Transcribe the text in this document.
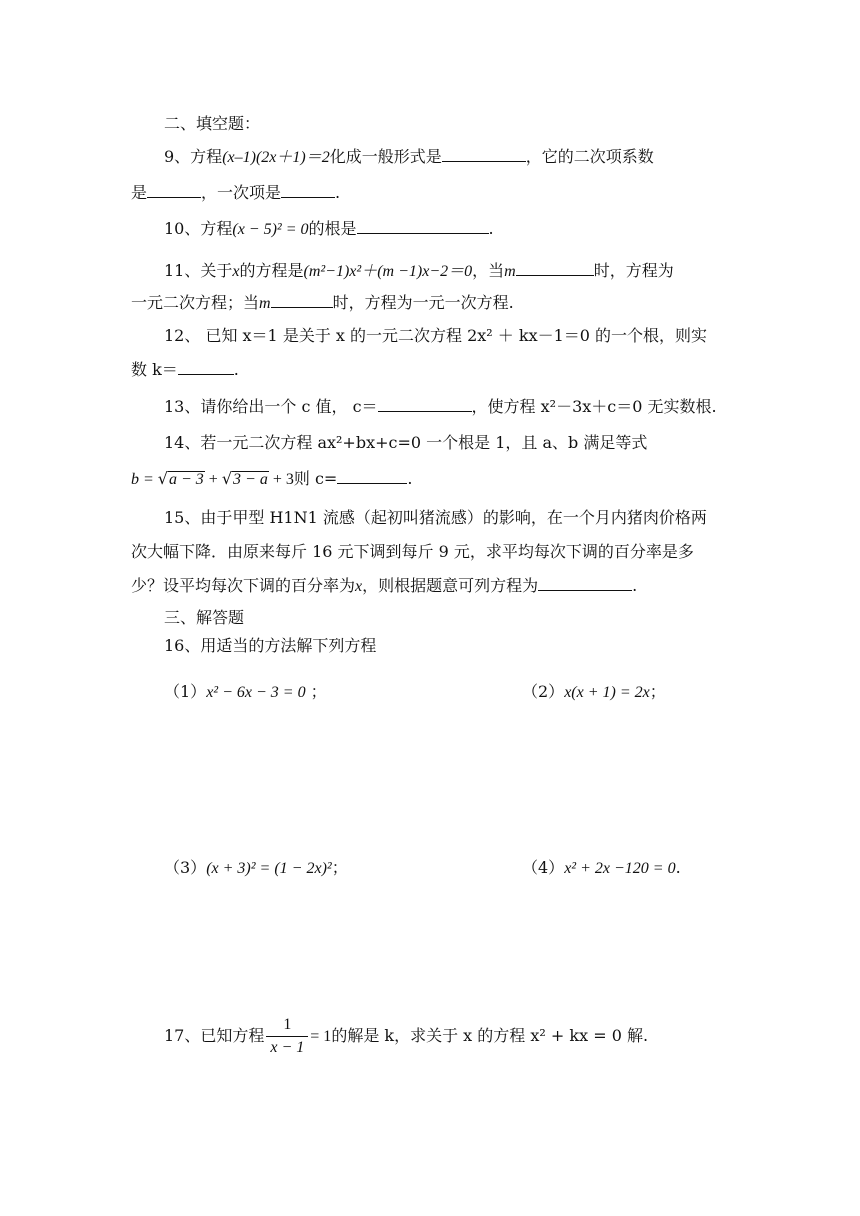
二、填空题：
9、方程(x–1)(2x＋1)＝2化成一般形式是	，它的二次项系数
是	，一次项是	.
10、方程(x − 5)² = 0的根是	.
11、关于x的方程是(m²−1)x²＋(m −1)x−2＝0，当m	时，方程为
一元二次方程；当m	时，方程为一元一次方程.
12、 已知 x＝1 是关于 x 的一元二次方程 2x² ＋ kx－1＝0 的一个根，则实
数 k＝	.
13、请你给出一个 c 值， c＝	，使方程 x²－3x＋c＝0 无实数根.
14、若一元二次方程 ax²+bx+c=0 一个根是 1，且 a、b 满足等式
b = √a − 3 + √3 − a + 3则 c=	.
15、由于甲型 H1N1 流感（起初叫猪流感）的影响，在一个月内猪肉价格两
次大幅下降．由原来每斤 16 元下调到每斤 9 元，求平均每次下调的百分率是多
少？设平均每次下调的百分率为x，则根据题意可列方程为	.
三、解答题
16、用适当的方法解下列方程
（1）x² − 6x − 3 = 0 ；	（2）x(x + 1) = 2x；
（3）(x + 3)² = (1 − 2x)²；	（4）x² + 2x −120 = 0.
17、已知方程 $\frac{1}{x - 1} = 1$的解是 k，求关于 x 的方程 x² + kx = 0 解.
